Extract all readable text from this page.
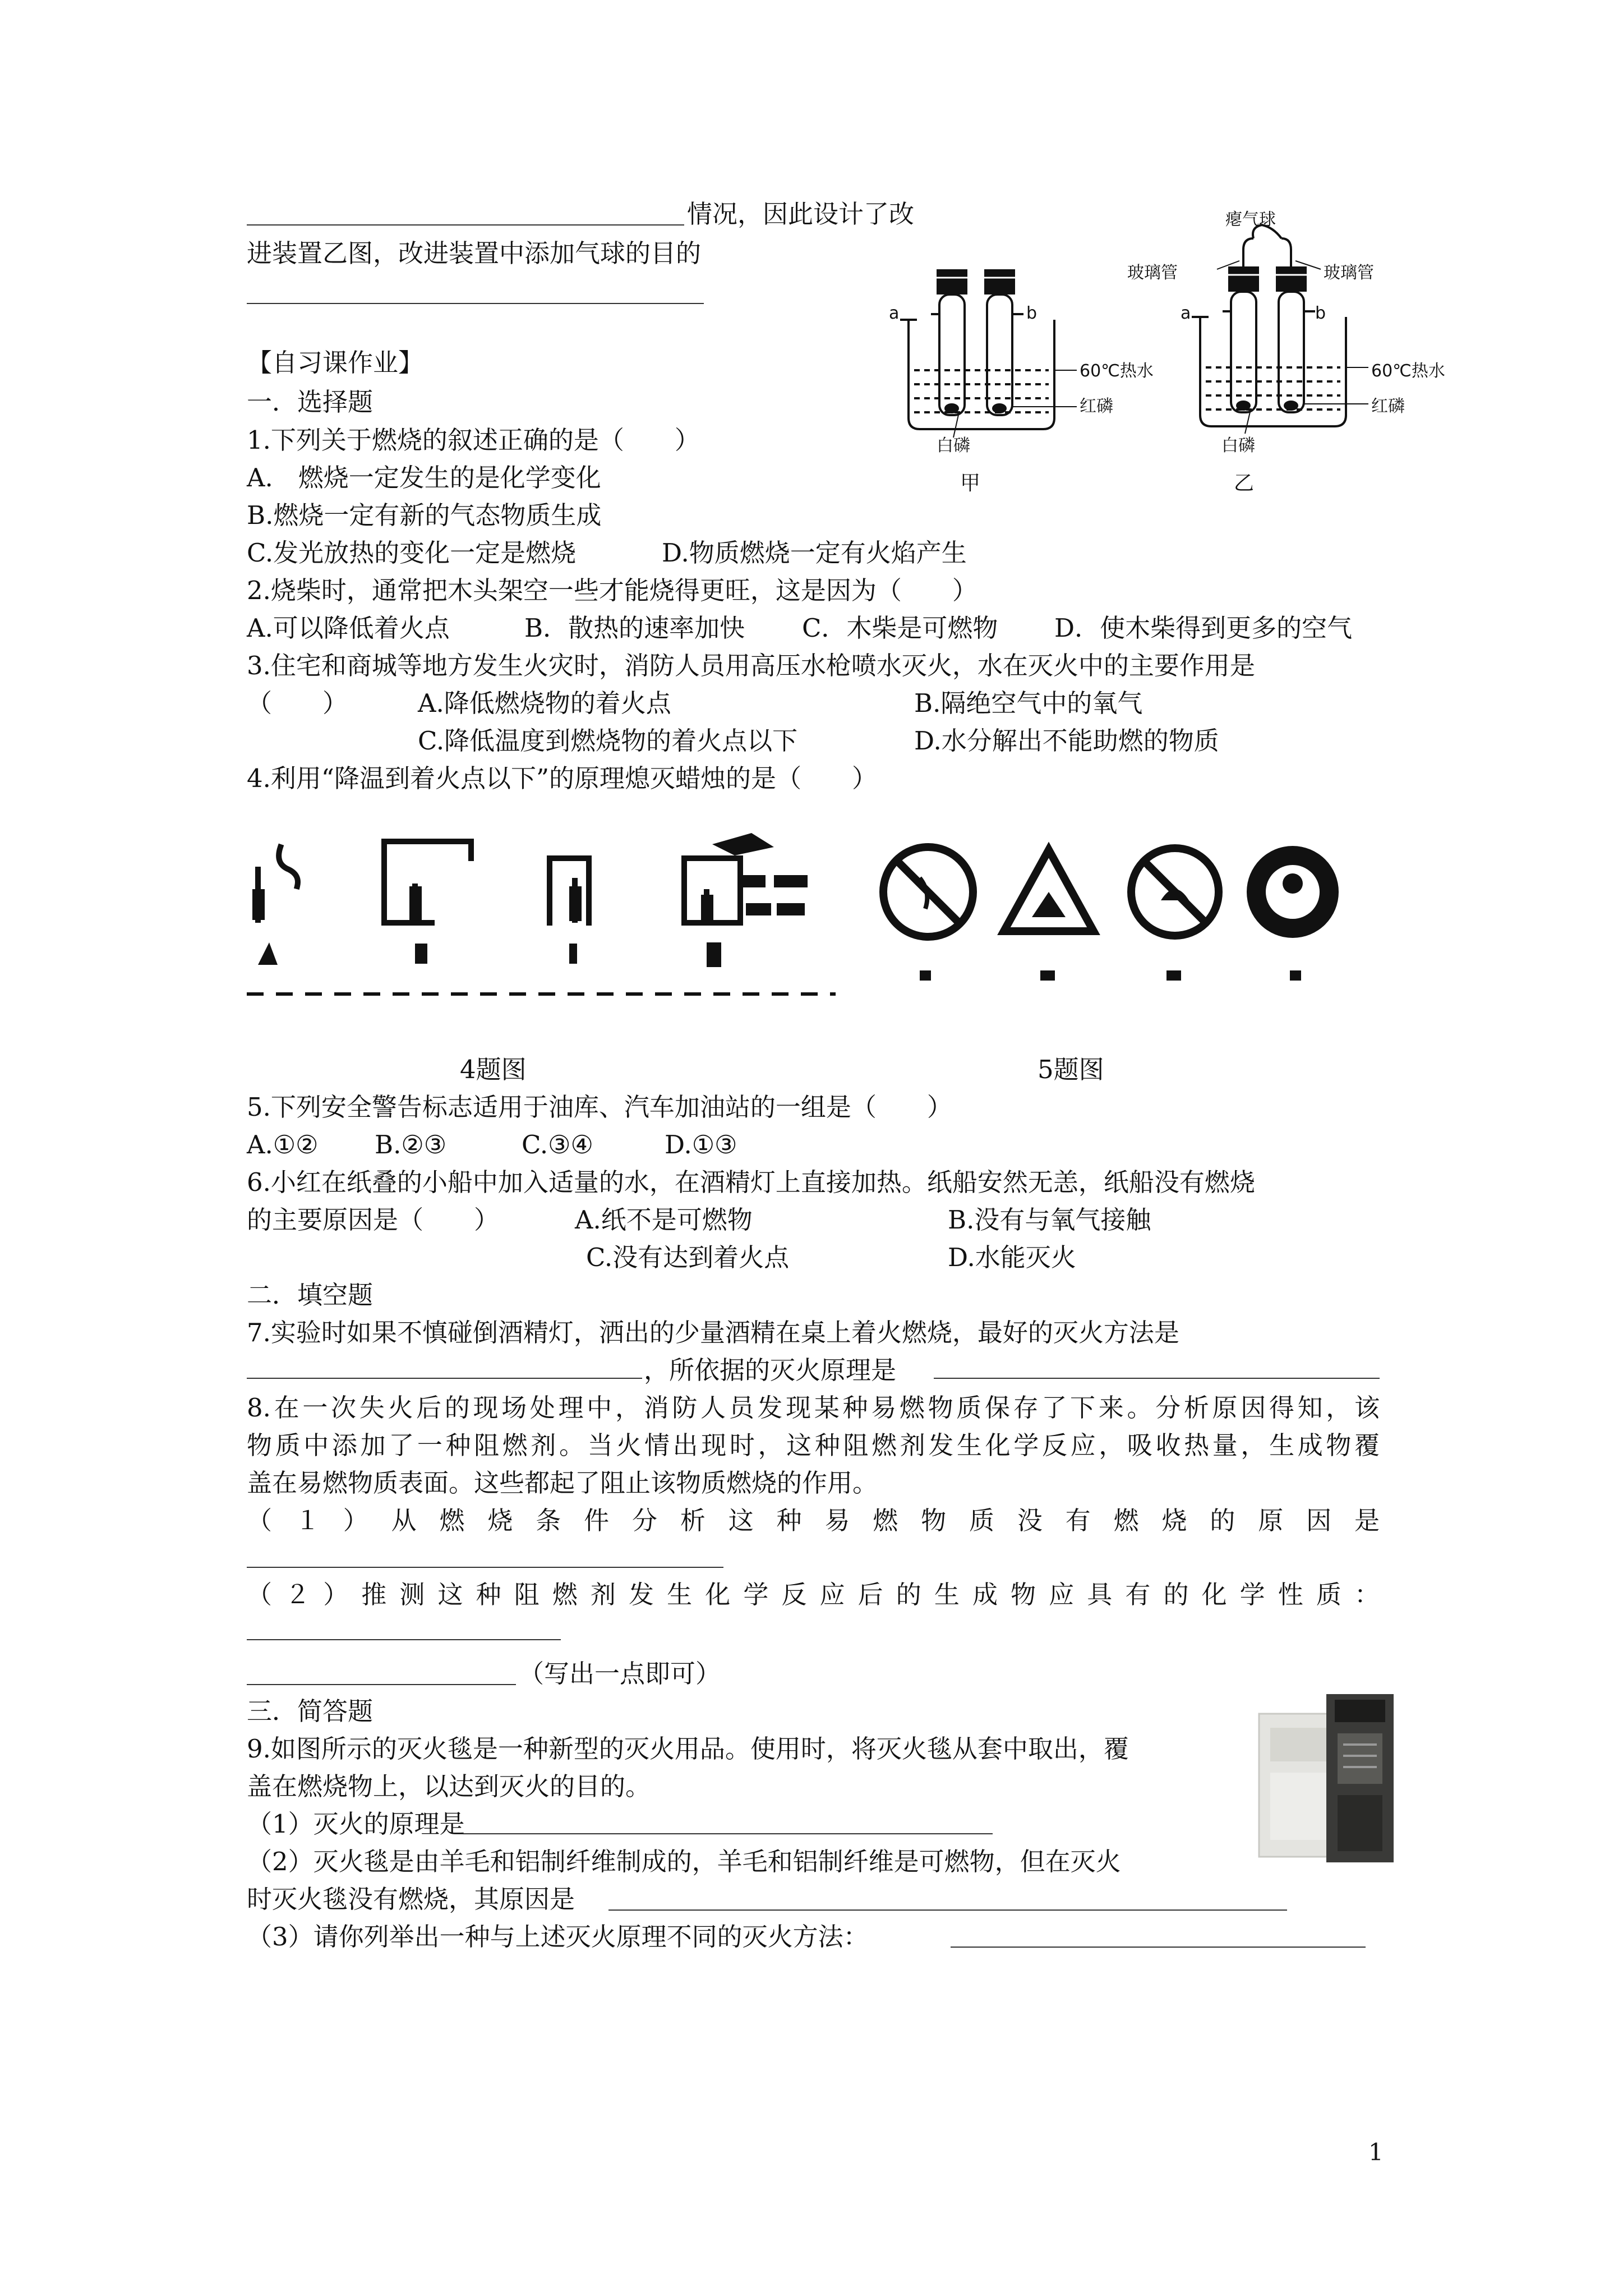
情况，因此设计了改
进装置乙图，改进装置中添加气球的目的
a	b
60℃热水
红磷
白磷
甲
瘪气球
玻璃管	玻璃管
a	b
60℃热水
红磷
白磷
乙
【自习课作业】
一．选择题
1.下列关于燃烧的叙述正确的是（　　）
A.　燃烧一定发生的是化学变化
B.燃烧一定有新的气态物质生成
C.发光放热的变化一定是燃烧	D.物质燃烧一定有火焰产生
2.烧柴时，通常把木头架空一些才能烧得更旺，这是因为（　　）
A.可以降低着火点	B．散热的速率加快 C．木柴是可燃物 D．使木柴得到更多的空气
3.住宅和商城等地方发生火灾时，消防人员用高压水枪喷水灭火，水在灭火中的主要作用是
（　　）	A.降低燃烧物的着火点	B.隔绝空气中的氧气
C.降低温度到燃烧物的着火点以下	D.水分解出不能助燃的物质
4.利用“降温到着火点以下”的原理熄灭蜡烛的是（　　）
4题图	5题图
5.下列安全警告标志适用于油库、汽车加油站的一组是（　　）
A.①② B.②③	C.③④	D.①③
6.小红在纸叠的小船中加入适量的水，在酒精灯上直接加热。纸船安然无恙，纸船没有燃烧
的主要原因是（　　）	A.纸不是可燃物	B.没有与氧气接触
C.没有达到着火点	D.水能灭火
二．填空题
7.实验时如果不慎碰倒酒精灯，洒出的少量酒精在桌上着火燃烧，最好的灭火方法是
，所依据的灭火原理是
8.在一次失火后的现场处理中，消防人员发现某种易燃物质保存了下来。分析原因得知，该
物质中添加了一种阻燃剂。当火情出现时，这种阻燃剂发生化学反应，吸收热量，生成物覆
盖在易燃物质表面。这些都起了阻止该物质燃烧的作用。
（１）从燃烧条件分析这种易燃物质没有燃烧的原因是
（２）推测这种阻燃剂发生化学反应后的生成物应具有的化学性质：
（写出一点即可）
三．简答题
9.如图所示的灭火毯是一种新型的灭火用品。使用时，将灭火毯从套中取出，覆
盖在燃烧物上，以达到灭火的目的。
（1）灭火的原理是
（2）灭火毯是由羊毛和铝制纤维制成的，羊毛和铝制纤维是可燃物，但在灭火
时灭火毯没有燃烧，其原因是
（3）请你列举出一种与上述灭火原理不同的灭火方法：
1
